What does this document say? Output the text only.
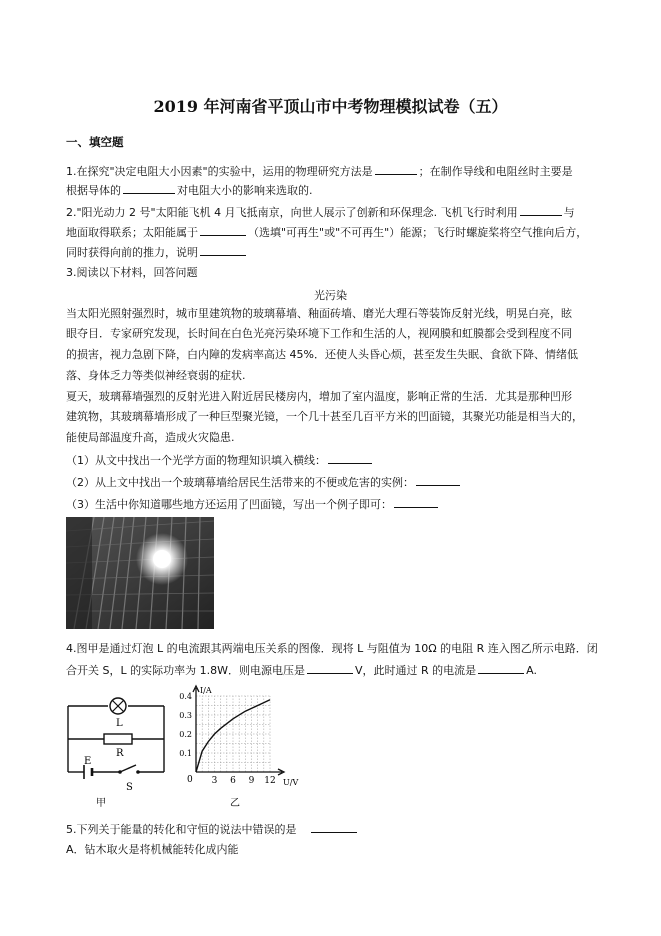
2019 年河南省平顶山市中考物理模拟试卷（五）
一、填空题
1.在探究"决定电阻大小因素"的实验中，运用的物理研究方法是	；在制作导线和电阻丝时主要是
根据导体的	对电阻大小的影响来选取的.
2."阳光动力 2 号"太阳能飞机 4 月飞抵南京，向世人展示了创新和环保理念. 飞机飞行时利用	与
地面取得联系；太阳能属于	（选填"可再生"或"不可再生"）能源；飞行时螺旋桨将空气推向后方，
同时获得向前的推力，说明
3.阅读以下材料，回答问题
光污染
当太阳光照射强烈时，城市里建筑物的玻璃幕墙、釉面砖墙、磨光大理石等装饰反射光线，明晃白亮，眩
眼夺目．专家研究发现，长时间在白色光亮污染环境下工作和生活的人，视网膜和虹膜都会受到程度不同
的损害，视力急剧下降，白内障的发病率高达 45%．还使人头昏心烦，甚至发生失眠、食欲下降、情绪低
落、身体乏力等类似神经衰弱的症状.
夏天，玻璃幕墙强烈的反射光进入附近居民楼房内，增加了室内温度，影响正常的生活．尤其是那种凹形
建筑物，其玻璃幕墙形成了一种巨型聚光镜，一个几十甚至几百平方米的凹面镜，其聚光功能是相当大的，
能使局部温度升高，造成火灾隐患.
（1）从文中找出一个光学方面的物理知识填入横线：
（2）从上文中找出一个玻璃幕墙给居民生活带来的不便或危害的实例：
（3）生活中你知道哪些地方还运用了凹面镜，写出一个例子即可：
4.图甲是通过灯泡 L 的电流跟其两端电压关系的图像．现将 L 与阻值为 10Ω 的电阻 R 连入图乙所示电路．闭
合开关 S，L 的实际功率为 1.8W．则电源电压是	V，此时通过 R 的电流是	A.
L
R
E
S
甲
0.1
0.2
0.3
0.4
3 6 9 12
I/A
U/V
0
乙
5.下列关于能量的转化和守恒的说法中错误的是
A．钻木取火是将机械能转化成内能
